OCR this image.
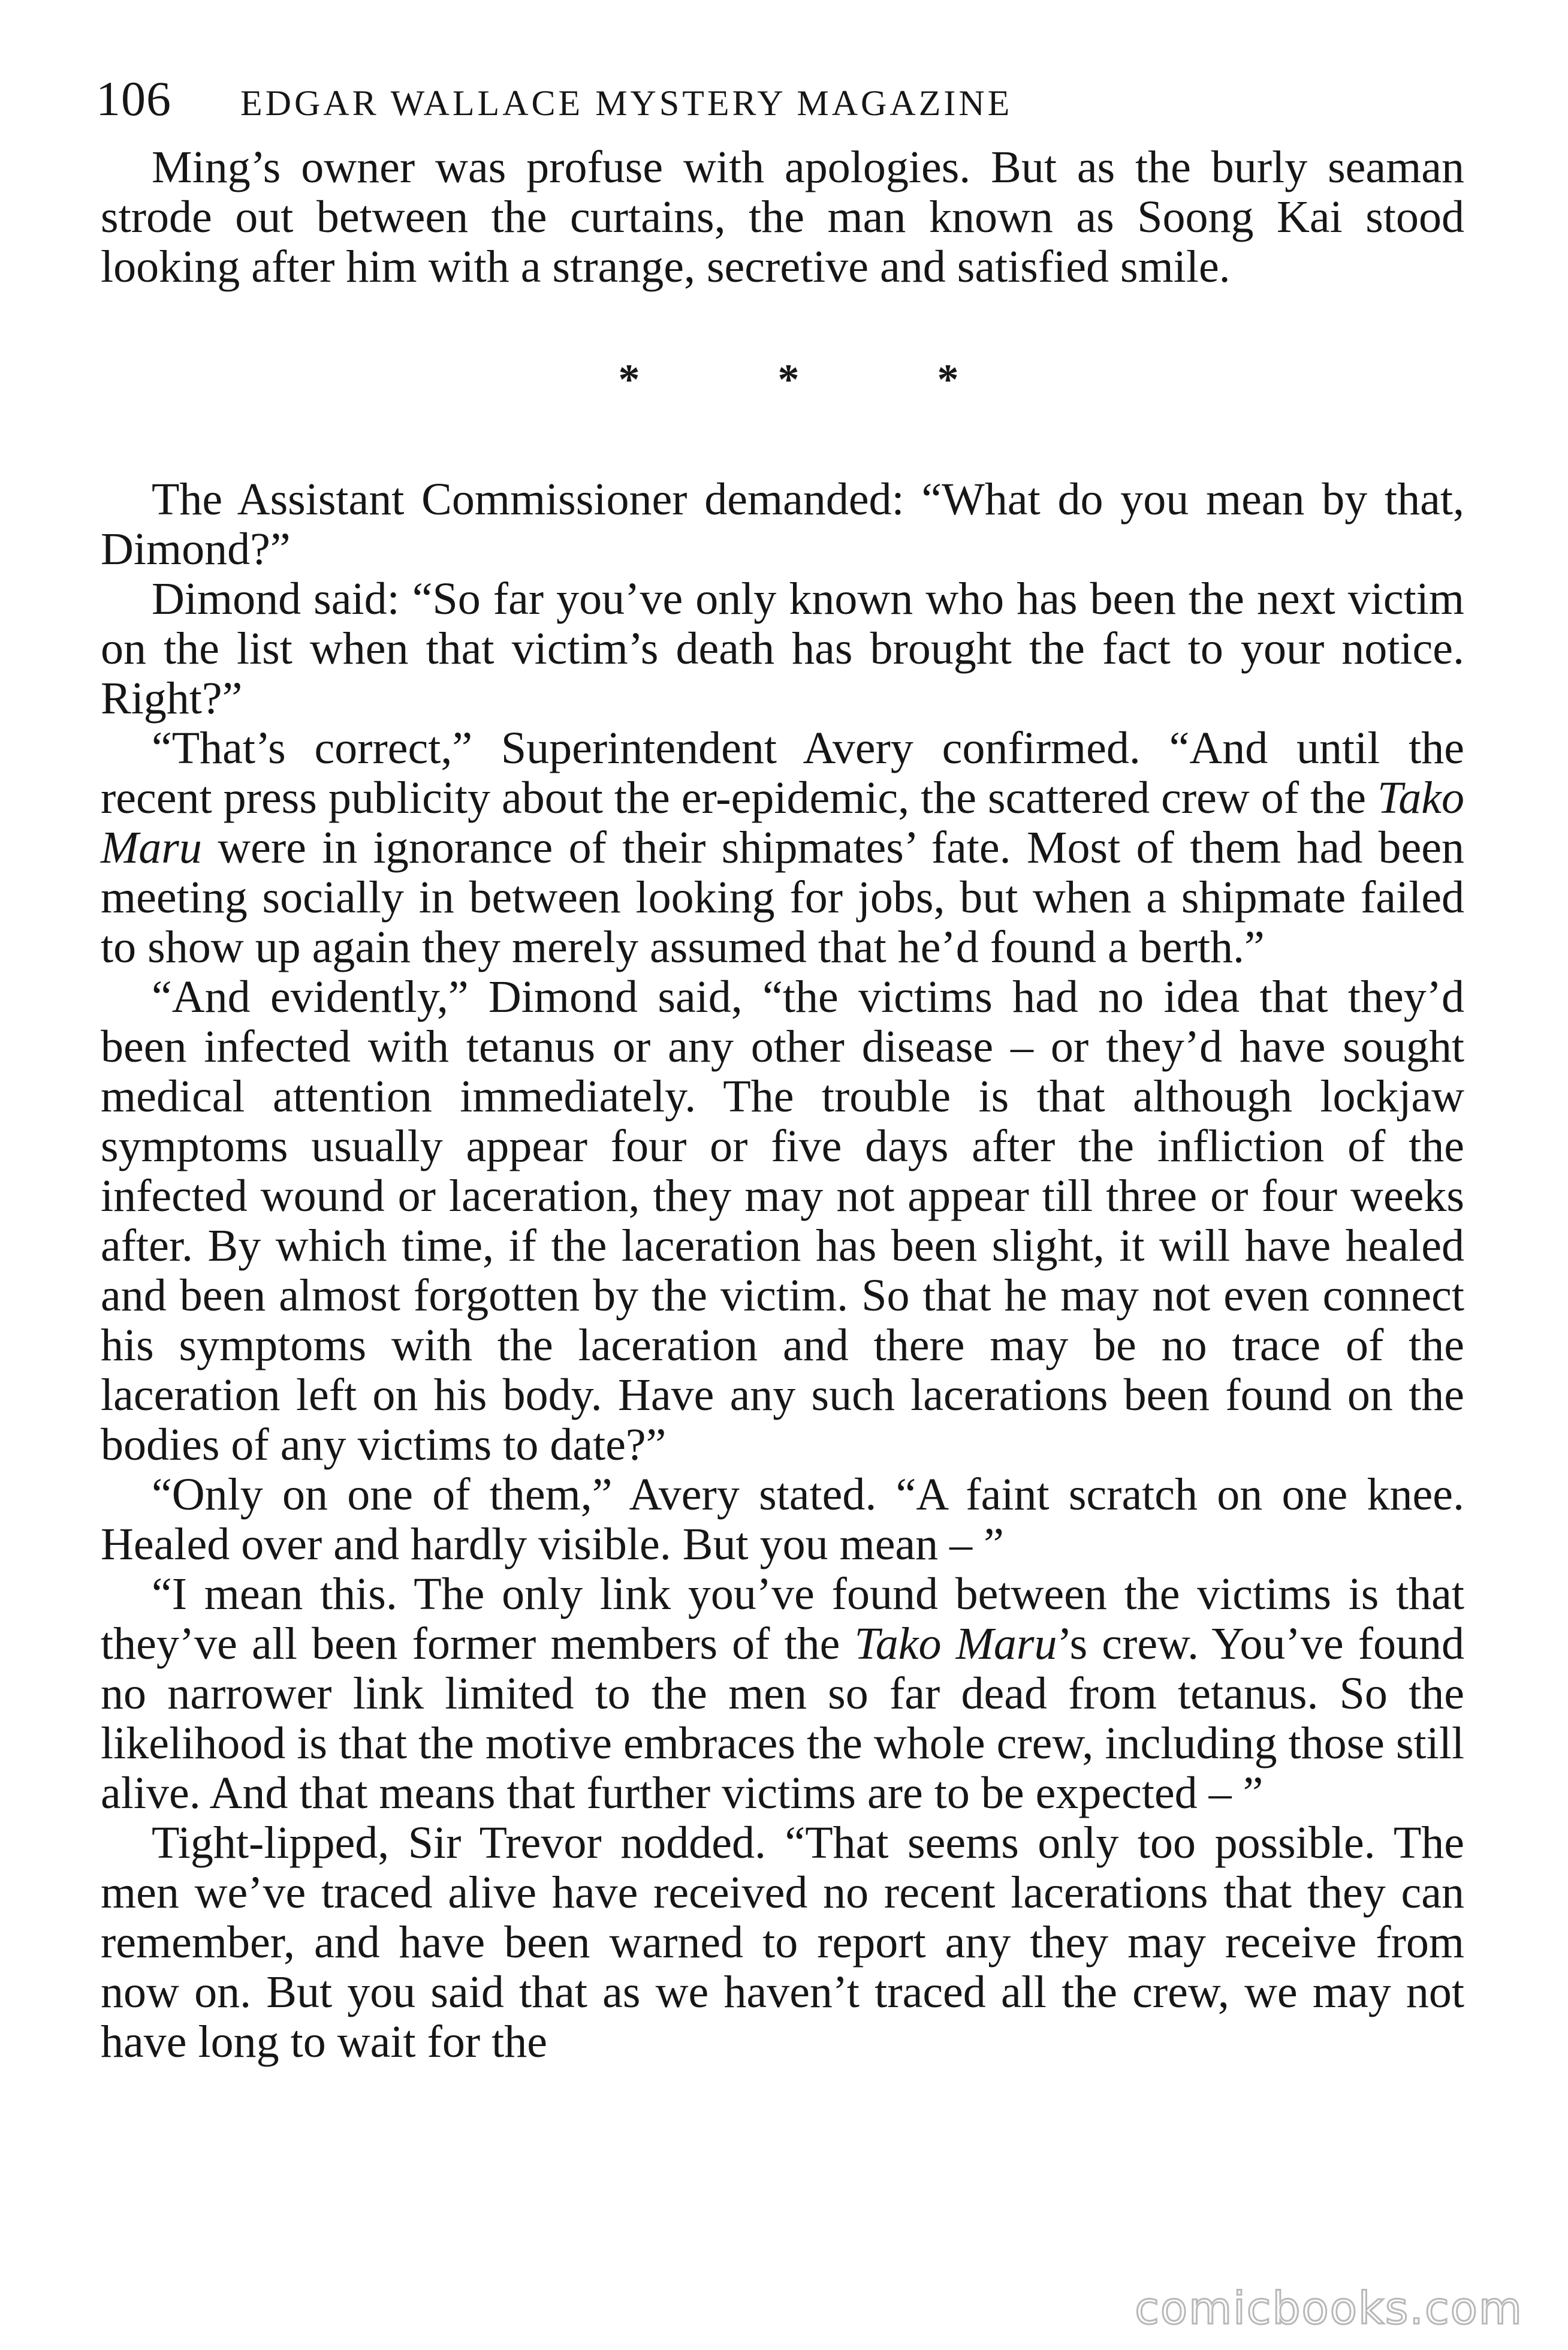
106 EDGAR WALLACE MYSTERY MAGAZINE

Ming’s owner was profuse with apologies. But as the burly seaman strode out between the curtains, the man known as Soong Kai stood looking after him with a strange, secretive and satisfied smile.

*	*	*

The Assistant Commissioner demanded: “What do you mean by that, Dimond?”

Dimond said: “So far you’ve only known who has been the next victim on the list when that victim’s death has brought the fact to your notice. Right?”

“That’s correct,” Superintendent Avery confirmed. “And until the recent press publicity about the er-epidemic, the scattered crew of the Tako Maru were in ignorance of their shipmates’ fate. Most of them had been meeting socially in between looking for jobs, but when a shipmate failed to show up again they merely assumed that he’d found a berth.”

“And evidently,” Dimond said, “the victims had no idea that they’d been infected with tetanus or any other disease – or they’d have sought medical attention immediately. The trouble is that although lockjaw symptoms usually appear four or five days after the infliction of the infected wound or laceration, they may not appear till three or four weeks after. By which time, if the laceration has been slight, it will have healed and been almost forgotten by the victim. So that he may not even connect his symptoms with the laceration and there may be no trace of the laceration left on his body. Have any such lacerations been found on the bodies of any victims to date?”

“Only on one of them,” Avery stated. “A faint scratch on one knee. Healed over and hardly visible. But you mean – ”

“I mean this. The only link you’ve found between the victims is that they’ve all been former members of the Tako Maru’s crew. You’ve found no narrower link limited to the men so far dead from tetanus. So the likelihood is that the motive embraces the whole crew, including those still alive. And that means that further victims are to be expected – ”

Tight-lipped, Sir Trevor nodded. “That seems only too possible. The men we’ve traced alive have received no recent lacerations that they can remember, and have been warned to report any they may receive from now on. But you said that as we haven’t traced all the crew, we may not have long to wait for the

comicbooks.com
